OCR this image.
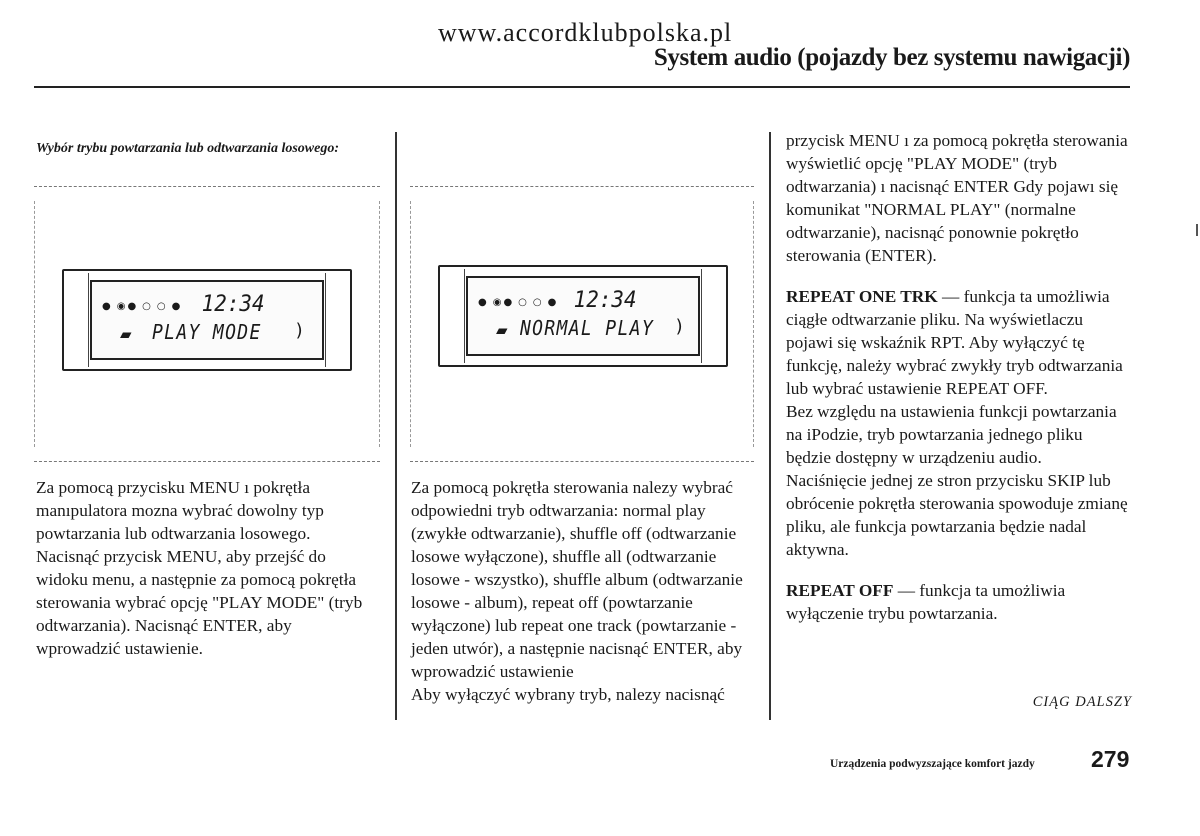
www.accordklubpolska.pl
System audio (pojazdy bez systemu nawigacji)
Wybór trybu powtarzania lub odtwarzania losowego:
● ◉● ○ ○ ● 12:34
▰ PLAY MODE )

Za pomocą przycisku MENU ı pokrętła manıpulatora mozna wybrać dowolny typ powtarzania lub odtwarzania losowego. Nacisnąć przycisk MENU, aby przejść do widoku menu, a następnie za pomocą pokrętła sterowania wybrać opcję "PLAY MODE" (tryb odtwarzania). Nacisnąć ENTER, aby wprowadzić ustawienie.

● ◉● ○ ○ ● 12:34
▰ NORMAL PLAY )

Za pomocą pokrętła sterowania nalezy wybrać odpowiedni tryb odtwarzania: normal play (zwykłe odtwarzanie), shuffle off (odtwarzanie losowe wyłączone), shuffle all (odtwarzanie losowe - wszystko), shuffle album (odtwarzanie losowe - album), repeat off (powtarzanie wyłączone) lub repeat one track (powtarzanie - jeden utwór), a następnie nacisnąć ENTER, aby wprowadzić ustawienie

Aby wyłączyć wybrany tryb, nalezy nacisnąć

przycisk MENU ı za pomocą pokrętła sterowania wyświetlić opcję "PLAY MODE" (tryb odtwarzania) ı nacisnąć ENTER Gdy pojawı się komunikat "NORMAL PLAY" (normalne odtwarzanie), nacisnąć ponownie pokrętło sterowania (ENTER).

REPEAT ONE TRK — funkcja ta umożliwia ciągłe odtwarzanie pliku. Na wyświetlaczu pojawi się wskaźnik RPT. Aby wyłączyć tę funkcję, należy wybrać zwykły tryb odtwarzania lub wybrać ustawienie REPEAT OFF.

Bez względu na ustawienia funkcji powtarzania na iPodzie, tryb powtarzania jednego pliku będzie dostępny w urządzeniu audio.

Naciśnięcie jednej ze stron przycisku SKIP lub obrócenie pokrętła sterowania spowoduje zmianę pliku, ale funkcja powtarzania będzie nadal aktywna.

REPEAT OFF — funkcja ta umożliwia wyłączenie trybu powtarzania.

CIĄG DALSZY
Urządzenia podwyzszające komfort jazdy 279
